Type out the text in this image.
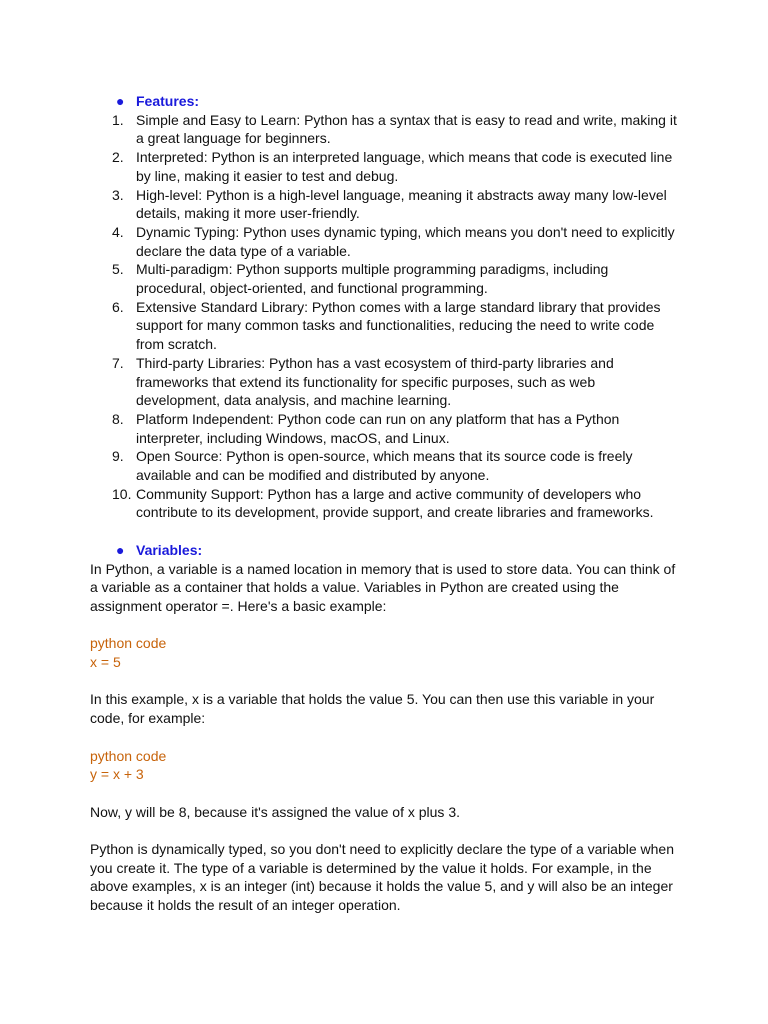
● Features:
1. Simple and Easy to Learn: Python has a syntax that is easy to read and write, making it a great language for beginners.
2. Interpreted: Python is an interpreted language, which means that code is executed line by line, making it easier to test and debug.
3. High-level: Python is a high-level language, meaning it abstracts away many low-level details, making it more user-friendly.
4. Dynamic Typing: Python uses dynamic typing, which means you don't need to explicitly declare the data type of a variable.
5. Multi-paradigm: Python supports multiple programming paradigms, including procedural, object-oriented, and functional programming.
6. Extensive Standard Library: Python comes with a large standard library that provides support for many common tasks and functionalities, reducing the need to write code from scratch.
7. Third-party Libraries: Python has a vast ecosystem of third-party libraries and frameworks that extend its functionality for specific purposes, such as web development, data analysis, and machine learning.
8. Platform Independent: Python code can run on any platform that has a Python interpreter, including Windows, macOS, and Linux.
9. Open Source: Python is open-source, which means that its source code is freely available and can be modified and distributed by anyone.
10. Community Support: Python has a large and active community of developers who contribute to its development, provide support, and create libraries and frameworks.
● Variables:

In Python, a variable is a named location in memory that is used to store data. You can think of a variable as a container that holds a value. Variables in Python are created using the assignment operator =. Here's a basic example:

python code
x = 5

In this example, x is a variable that holds the value 5. You can then use this variable in your code, for example:

python code
y = x + 3

Now, y will be 8, because it's assigned the value of x plus 3.

Python is dynamically typed, so you don't need to explicitly declare the type of a variable when you create it. The type of a variable is determined by the value it holds. For example, in the above examples, x is an integer (int) because it holds the value 5, and y will also be an integer because it holds the result of an integer operation.
